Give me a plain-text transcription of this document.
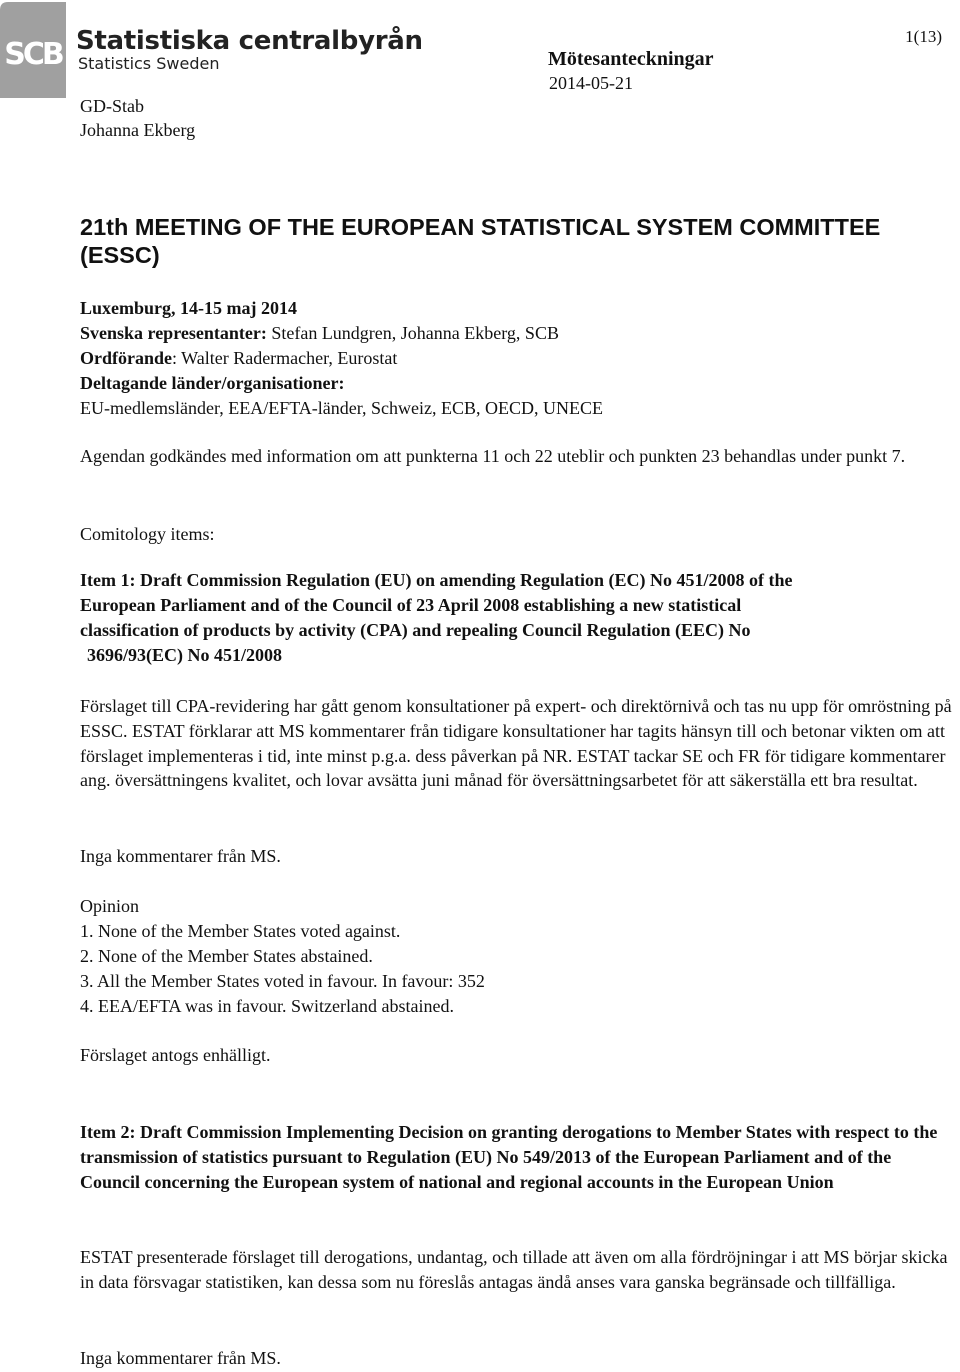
SCB Statistiska centralbyrån
Statistics Sweden
1(13)
Mötesanteckningar
2014-05-21
GD-Stab
Johanna Ekberg
21th MEETING OF THE EUROPEAN STATISTICAL SYSTEM COMMITTEE (ESSC)
Luxemburg, 14-15 maj 2014
Svenska representanter: Stefan Lundgren, Johanna Ekberg, SCB
Ordförande: Walter Radermacher, Eurostat
Deltagande länder/organisationer:
EU-medlemsländer, EEA/EFTA-länder, Schweiz, ECB, OECD, UNECE
Agendan godkändes med information om att punkterna 11 och 22 uteblir och punkten 23 behandlas under punkt 7.
Comitology items:
Item 1: Draft Commission Regulation (EU) on amending Regulation (EC) No 451/2008 of the
European Parliament and of the Council of 23 April 2008 establishing a new statistical
classification of products by activity (CPA) and repealing Council Regulation (EEC) No
3696/93(EC) No 451/2008
Förslaget till CPA-revidering har gått genom konsultationer på expert- och direktörnivå och tas nu upp för omröstning på ESSC. ESTAT förklarar att MS kommentarer från tidigare konsultationer har tagits hänsyn till och betonar vikten om att förslaget implementeras i tid, inte minst p.g.a. dess påverkan på NR. ESTAT tackar SE och FR för tidigare kommentarer ang. översättningens kvalitet, och lovar avsätta juni månad för översättningsarbetet för att säkerställa ett bra resultat.
Inga kommentarer från MS.
Opinion
1. None of the Member States voted against.
2. None of the Member States abstained.
3. All the Member States voted in favour. In favour: 352
4. EEA/EFTA was in favour. Switzerland abstained.
Förslaget antogs enhälligt.
Item 2: Draft Commission Implementing Decision on granting derogations to Member States with respect to the transmission of statistics pursuant to Regulation (EU) No 549/2013 of the European Parliament and of the Council concerning the European system of national and regional accounts in the European Union
ESTAT presenterade förslaget till derogations, undantag, och tillade att även om alla fördröjningar i att MS börjar skicka in data försvagar statistiken, kan dessa som nu föreslås antagas ändå anses vara ganska begränsade och tillfälliga.
Inga kommentarer från MS.
